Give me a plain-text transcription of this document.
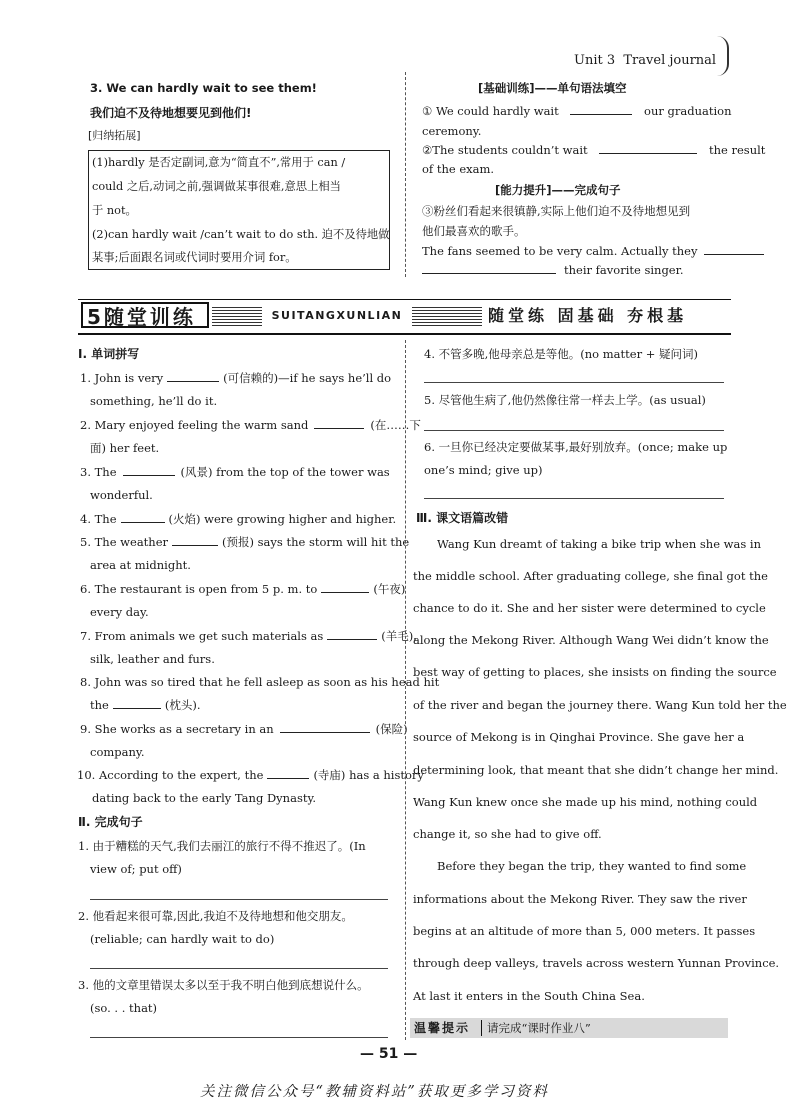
Unit 3 Travel journal
3. We can hardly wait to see them!
我们迫不及待地想要见到他们!
[归纳拓展]
(1)hardly 是否定副词,意为“简直不”,常用于 can /
could 之后,动词之前,强调做某事很难,意思上相当
于 not。
(2)can hardly wait /can’t wait to do sth. 迫不及待地做
某事;后面跟名词或代词时要用介词 for。
[基础训练]——单句语法填空
① We could hardly wait	our graduation
ceremony.
②The students couldn’t wait	the result
of the exam.
[能力提升]——完成句子
③粉丝们看起来很镇静,实际上他们迫不及待地想见到
他们最喜欢的歌手。
The fans seemed to be very calm. Actually they
their favorite singer.
5随堂训练	SUITANGXUNLIAN	随堂练 固基础 夯根基
Ⅰ. 单词拼写
1. John is very	(可信赖的)—if he says he’ll do
something, he’ll do it.
2. Mary enjoyed feeling the warm sand	(在……下
面) her feet.
3. The	(风景) from the top of the tower was
wonderful.
4. The	(火焰) were growing higher and higher.
5. The weather	(预报) says the storm will hit the
area at midnight.
6. The restaurant is open from 5 p. m. to	(午夜)
every day.
7. From animals we get such materials as	(羊毛),
silk, leather and furs.
8. John was so tired that he fell asleep as soon as his head hit
the	(枕头).
9. She works as a secretary in an	(保险)
company.
10. According to the expert, the	(寺庙) has a history
dating back to the early Tang Dynasty.
Ⅱ. 完成句子
1. 由于糟糕的天气,我们去丽江的旅行不得不推迟了。(In
view of; put off)
2. 他看起来很可靠,因此,我迫不及待地想和他交朋友。
(reliable; can hardly wait to do)
3. 他的文章里错误太多以至于我不明白他到底想说什么。
(so. . . that)
4. 不管多晚,他母亲总是等他。(no matter + 疑问词)
5. 尽管他生病了,他仍然像往常一样去上学。(as usual)
6. 一旦你已经决定要做某事,最好别放弃。(once; make up
one’s mind; give up)
Ⅲ. 课文语篇改错
Wang Kun dreamt of taking a bike trip when she was in
the middle school. After graduating college, she final got the
chance to do it. She and her sister were determined to cycle
along the Mekong River. Although Wang Wei didn’t know the
best way of getting to places, she insists on finding the source
of the river and began the journey there. Wang Kun told her the
source of Mekong is in Qinghai Province. She gave her a
determining look, that meant that she didn’t change her mind.
Wang Kun knew once she made up his mind, nothing could
change it, so she had to give off.
Before they began the trip, they wanted to find some
informations about the Mekong River. They saw the river
begins at an altitude of more than 5, 000 meters. It passes
through deep valleys, travels across western Yunnan Province.
At last it enters in the South China Sea.
温馨提示 请完成“课时作业八”
— 51 —
关注微信公众号“教辅资料站”获取更多学习资料
